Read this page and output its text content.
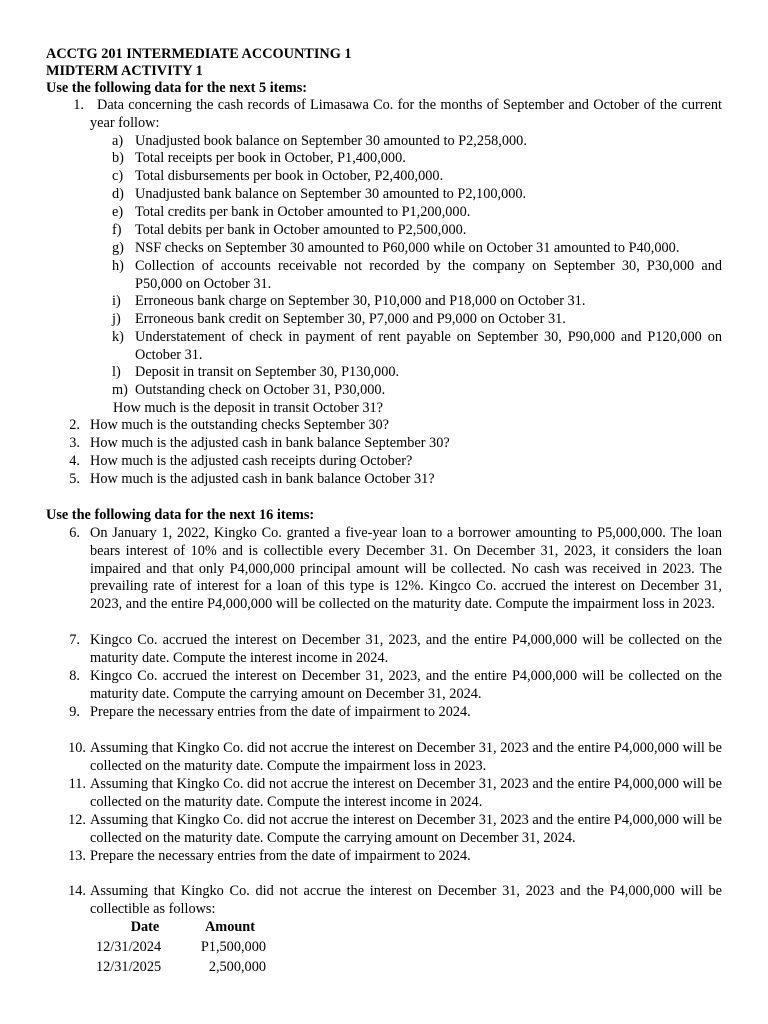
ACCTG 201 INTERMEDIATE ACCOUNTING 1
MIDTERM ACTIVITY 1
Use the following data for the next 5 items:
1. Data concerning the cash records of Limasawa Co. for the months of September and October of the current year follow:
a) Unadjusted book balance on September 30 amounted to P2,258,000.
b) Total receipts per book in October, P1,400,000.
c) Total disbursements per book in October, P2,400,000.
d) Unadjusted bank balance on September 30 amounted to P2,100,000.
e) Total credits per bank in October amounted to P1,200,000.
f) Total debits per bank in October amounted to P2,500,000.
g) NSF checks on September 30 amounted to P60,000 while on October 31 amounted to P40,000.
h) Collection of accounts receivable not recorded by the company on September 30, P30,000 and P50,000 on October 31.
i) Erroneous bank charge on September 30, P10,000 and P18,000 on October 31.
j) Erroneous bank credit on September 30, P7,000 and P9,000 on October 31.
k) Understatement of check in payment of rent payable on September 30, P90,000 and P120,000 on October 31.
l) Deposit in transit on September 30, P130,000.
m) Outstanding check on October 31, P30,000.
How much is the deposit in transit October 31?
2. How much is the outstanding checks September 30?
3. How much is the adjusted cash in bank balance September 30?
4. How much is the adjusted cash receipts during October?
5. How much is the adjusted cash in bank balance October 31?
Use the following data for the next 16 items:
6. On January 1, 2022, Kingko Co. granted a five-year loan to a borrower amounting to P5,000,000. The loan bears interest of 10% and is collectible every December 31. On December 31, 2023, it considers the loan impaired and that only P4,000,000 principal amount will be collected. No cash was received in 2023. The prevailing rate of interest for a loan of this type is 12%. Kingco Co. accrued the interest on December 31, 2023, and the entire P4,000,000 will be collected on the maturity date. Compute the impairment loss in 2023.
7. Kingco Co. accrued the interest on December 31, 2023, and the entire P4,000,000 will be collected on the maturity date. Compute the interest income in 2024.
8. Kingco Co. accrued the interest on December 31, 2023, and the entire P4,000,000 will be collected on the maturity date. Compute the carrying amount on December 31, 2024.
9. Prepare the necessary entries from the date of impairment to 2024.
10. Assuming that Kingko Co. did not accrue the interest on December 31, 2023 and the entire P4,000,000 will be collected on the maturity date. Compute the impairment loss in 2023.
11. Assuming that Kingko Co. did not accrue the interest on December 31, 2023 and the entire P4,000,000 will be collected on the maturity date. Compute the interest income in 2024.
12. Assuming that Kingko Co. did not accrue the interest on December 31, 2023 and the entire P4,000,000 will be collected on the maturity date. Compute the carrying amount on December 31, 2024.
13. Prepare the necessary entries from the date of impairment to 2024.
14. Assuming that Kingko Co. did not accrue the interest on December 31, 2023 and the P4,000,000 will be collectible as follows:
Date	Amount
12/31/2024	P1,500,000
12/31/2025	2,500,000
